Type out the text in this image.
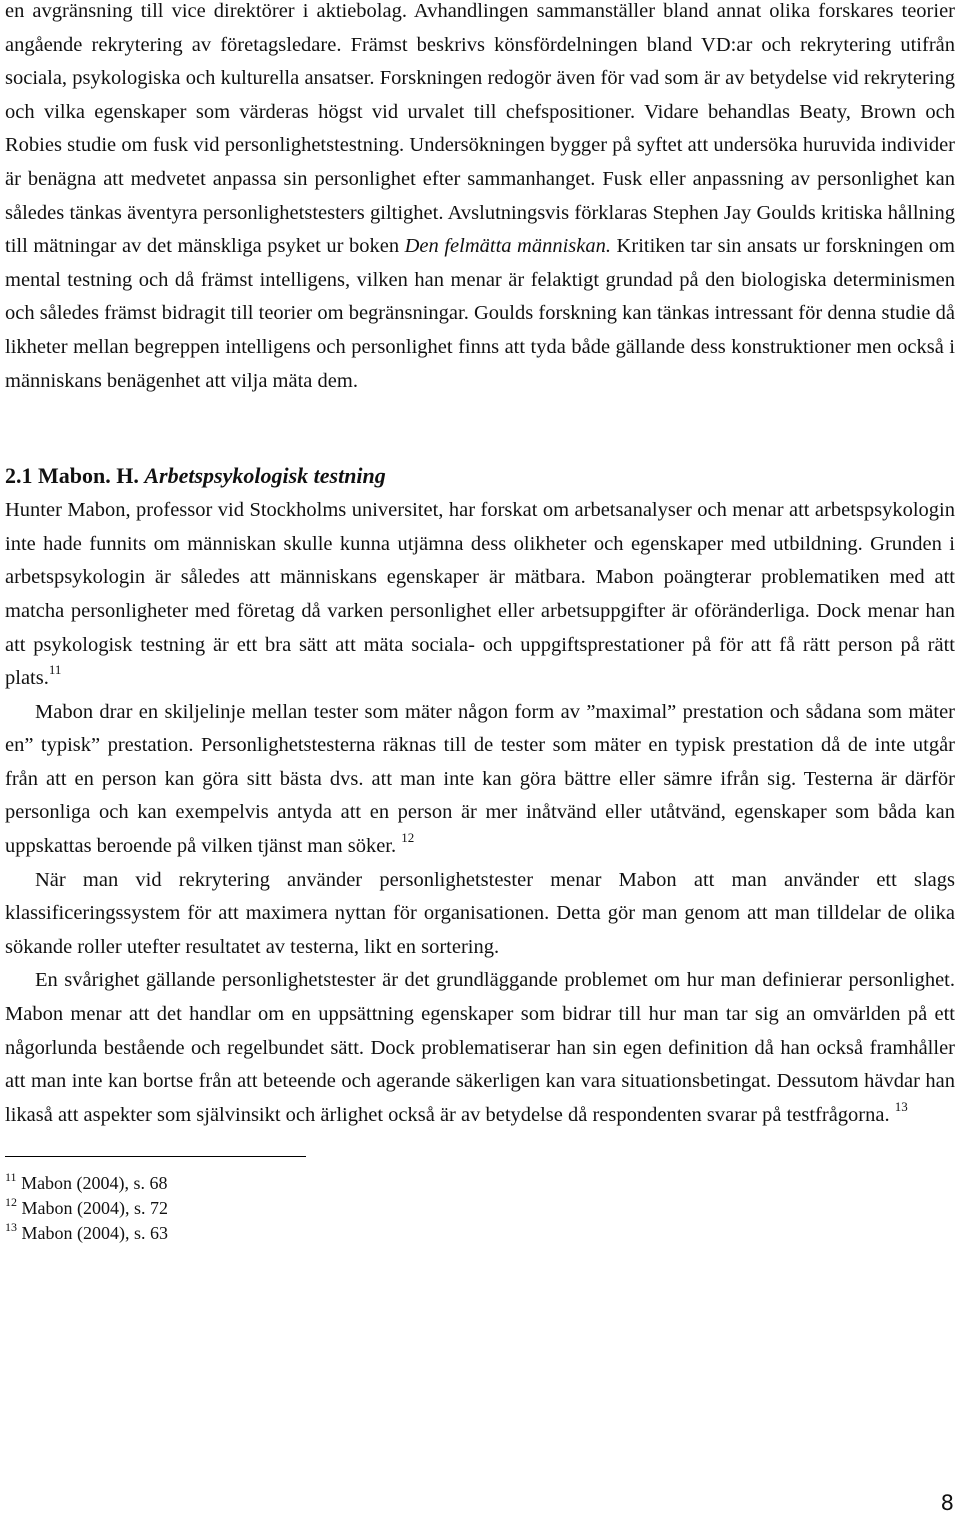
en avgränsning till vice direktörer i aktiebolag. Avhandlingen sammanställer bland annat olika forskares teorier angående rekrytering av företagsledare. Främst beskrivs könsfördelningen bland VD:ar och rekrytering utifrån sociala, psykologiska och kulturella ansatser. Forskningen redogör även för vad som är av betydelse vid rekrytering och vilka egenskaper som värderas högst vid urvalet till chefspositioner. Vidare behandlas Beaty, Brown och Robies studie om fusk vid personlighetstestning. Undersökningen bygger på syftet att undersöka huruvida individer är benägna att medvetet anpassa sin personlighet efter sammanhanget. Fusk eller anpassning av personlighet kan således tänkas äventyra personlighetstesters giltighet. Avslutningsvis förklaras Stephen Jay Goulds kritiska hållning till mätningar av det mänskliga psyket ur boken Den felmätta människan. Kritiken tar sin ansats ur forskningen om mental testning och då främst intelligens, vilken han menar är felaktigt grundad på den biologiska determinismen och således främst bidragit till teorier om begränsningar. Goulds forskning kan tänkas intressant för denna studie då likheter mellan begreppen intelligens och personlighet finns att tyda både gällande dess konstruktioner men också i människans benägenhet att vilja mäta dem.

2.1 Mabon. H. Arbetspsykologisk testning

Hunter Mabon, professor vid Stockholms universitet, har forskat om arbetsanalyser och menar att arbetspsykologin inte hade funnits om människan skulle kunna utjämna dess olikheter och egenskaper med utbildning. Grunden i arbetspsykologin är således att människans egenskaper är mätbara. Mabon poängterar problematiken med att matcha personligheter med företag då varken personlighet eller arbetsuppgifter är oföränderliga. Dock menar han att psykologisk testning är ett bra sätt att mäta sociala- och uppgiftsprestationer på för att få rätt person på rätt plats.$^{11}$

Mabon drar en skiljelinje mellan tester som mäter någon form av ”maximal” prestation och sådana som mäter en” typisk” prestation. Personlighetstesterna räknas till de tester som mäter en typisk prestation då de inte utgår från att en person kan göra sitt bästa dvs. att man inte kan göra bättre eller sämre ifrån sig. Testerna är därför personliga och kan exempelvis antyda att en person är mer inåtvänd eller utåtvänd, egenskaper som båda kan uppskattas beroende på vilken tjänst man söker. $^{12}$

När man vid rekrytering använder personlighetstester menar Mabon att man använder ett slags klassificeringssystem för att maximera nyttan för organisationen. Detta gör man genom att man tilldelar de olika sökande roller utefter resultatet av testerna, likt en sortering.

En svårighet gällande personlighetstester är det grundläggande problemet om hur man definierar personlighet. Mabon menar att det handlar om en uppsättning egenskaper som bidrar till hur man tar sig an omvärlden på ett någorlunda bestående och regelbundet sätt. Dock problematiserar han sin egen definition då han också framhåller att man inte kan bortse från att beteende och agerande säkerligen kan vara situationsbetingat. Dessutom hävdar han likaså att aspekter som självinsikt och ärlighet också är av betydelse då respondenten svarar på testfrågorna. $^{13}$

$^{11}$ Mabon (2004), s. 68

$^{12}$ Mabon (2004), s. 72

$^{13}$ Mabon (2004), s. 63

8
